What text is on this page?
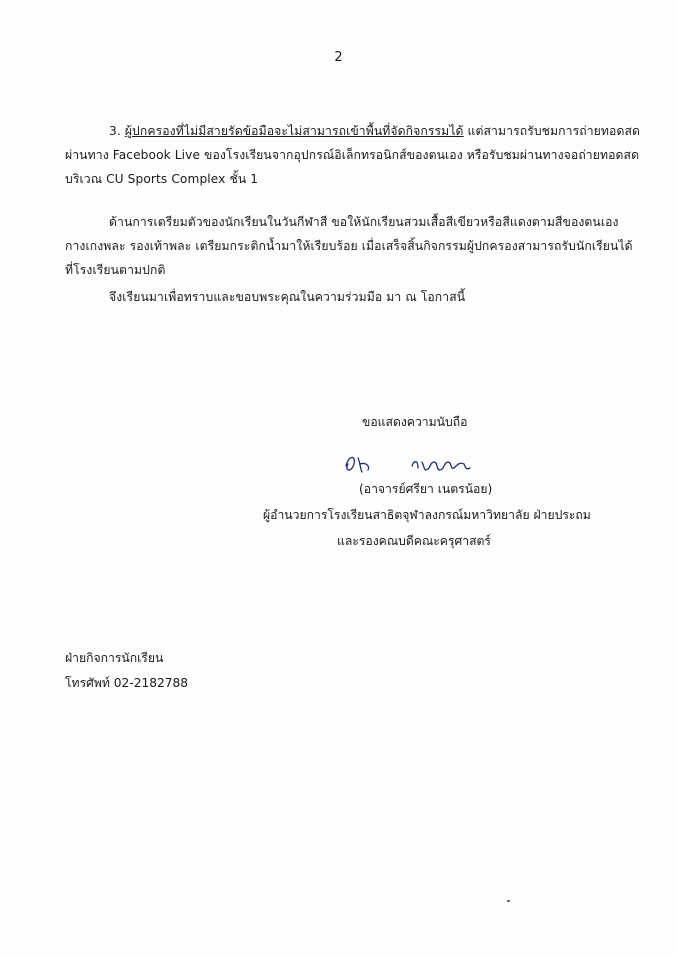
2
3. ผู้ปกครองที่ไม่มีสายรัดข้อมือจะไม่สามารถเข้าพื้นที่จัดกิจกรรมได้ แต่สามารถรับชมการถ่ายทอดสด
ผ่านทาง Facebook Live ของโรงเรียนจากอุปกรณ์อิเล็กทรอนิกส์ของตนเอง หรือรับชมผ่านทางจอถ่ายทอดสด
บริเวณ CU Sports Complex ชั้น 1
ด้านการเตรียมตัวของนักเรียนในวันกีฬาสี ขอให้นักเรียนสวมเสื้อสีเขียวหรือสีแดงตามสีของตนเอง
กางเกงพละ รองเท้าพละ เตรียมกระติกน้ำมาให้เรียบร้อย เมื่อเสร็จสิ้นกิจกรรมผู้ปกครองสามารถรับนักเรียนได้
ที่โรงเรียนตามปกติ
จึงเรียนมาเพื่อทราบและขอบพระคุณในความร่วมมือ มา ณ โอกาสนี้
ขอแสดงความนับถือ
(อาจารย์ศรียา เนตรน้อย)
ผู้อำนวยการโรงเรียนสาธิตจุฬาลงกรณ์มหาวิทยาลัย ฝ่ายประถม
และรองคณบดีคณะครุศาสตร์
ฝ่ายกิจการนักเรียน
โทรศัพท์ 02-2182788
